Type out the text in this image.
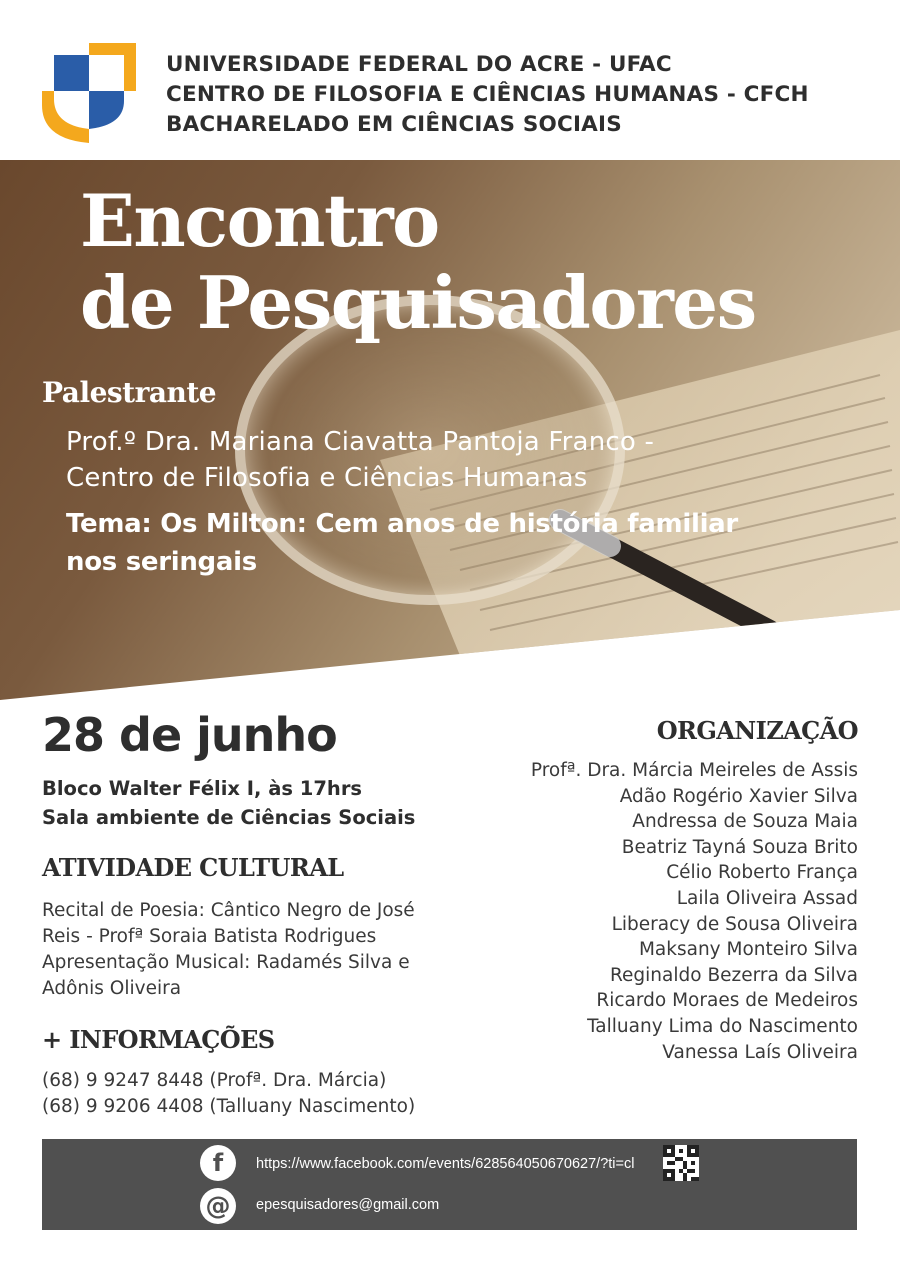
UNIVERSIDADE FEDERAL DO ACRE - UFAC
CENTRO DE FILOSOFIA E CIÊNCIAS HUMANAS - CFCH
BACHARELADO EM CIÊNCIAS SOCIAIS
Encontro
de Pesquisadores
Palestrante
Prof.º Dra. Mariana Ciavatta Pantoja Franco -
Centro de Filosofia e Ciências Humanas
Tema: Os Milton: Cem anos de história familiar
nos seringais
28 de junho
Bloco Walter Félix I, às 17hrs
Sala ambiente de Ciências Sociais
ATIVIDADE CULTURAL
Recital de Poesia: Cântico Negro de José
Reis - Profª Soraia Batista Rodrigues
Apresentação Musical: Radamés Silva e
Adônis Oliveira
+ INFORMAÇÕES
(68) 9 9247 8448 (Profª. Dra. Márcia)
(68) 9 9206 4408 (Talluany Nascimento)
ORGANIZAÇÃO
Profª. Dra. Márcia Meireles de Assis
Adão Rogério Xavier Silva
Andressa de Souza Maia
Beatriz Tayná Souza Brito
Célio Roberto França
Laila Oliveira Assad
Liberacy de Sousa Oliveira
Maksany Monteiro Silva
Reginaldo Bezerra da Silva
Ricardo Moraes de Medeiros
Talluany Lima do Nascimento
Vanessa Laís Oliveira
f	https://www.facebook.com/events/628564050670627/?ti=cl
@	epesquisadores@gmail.com
